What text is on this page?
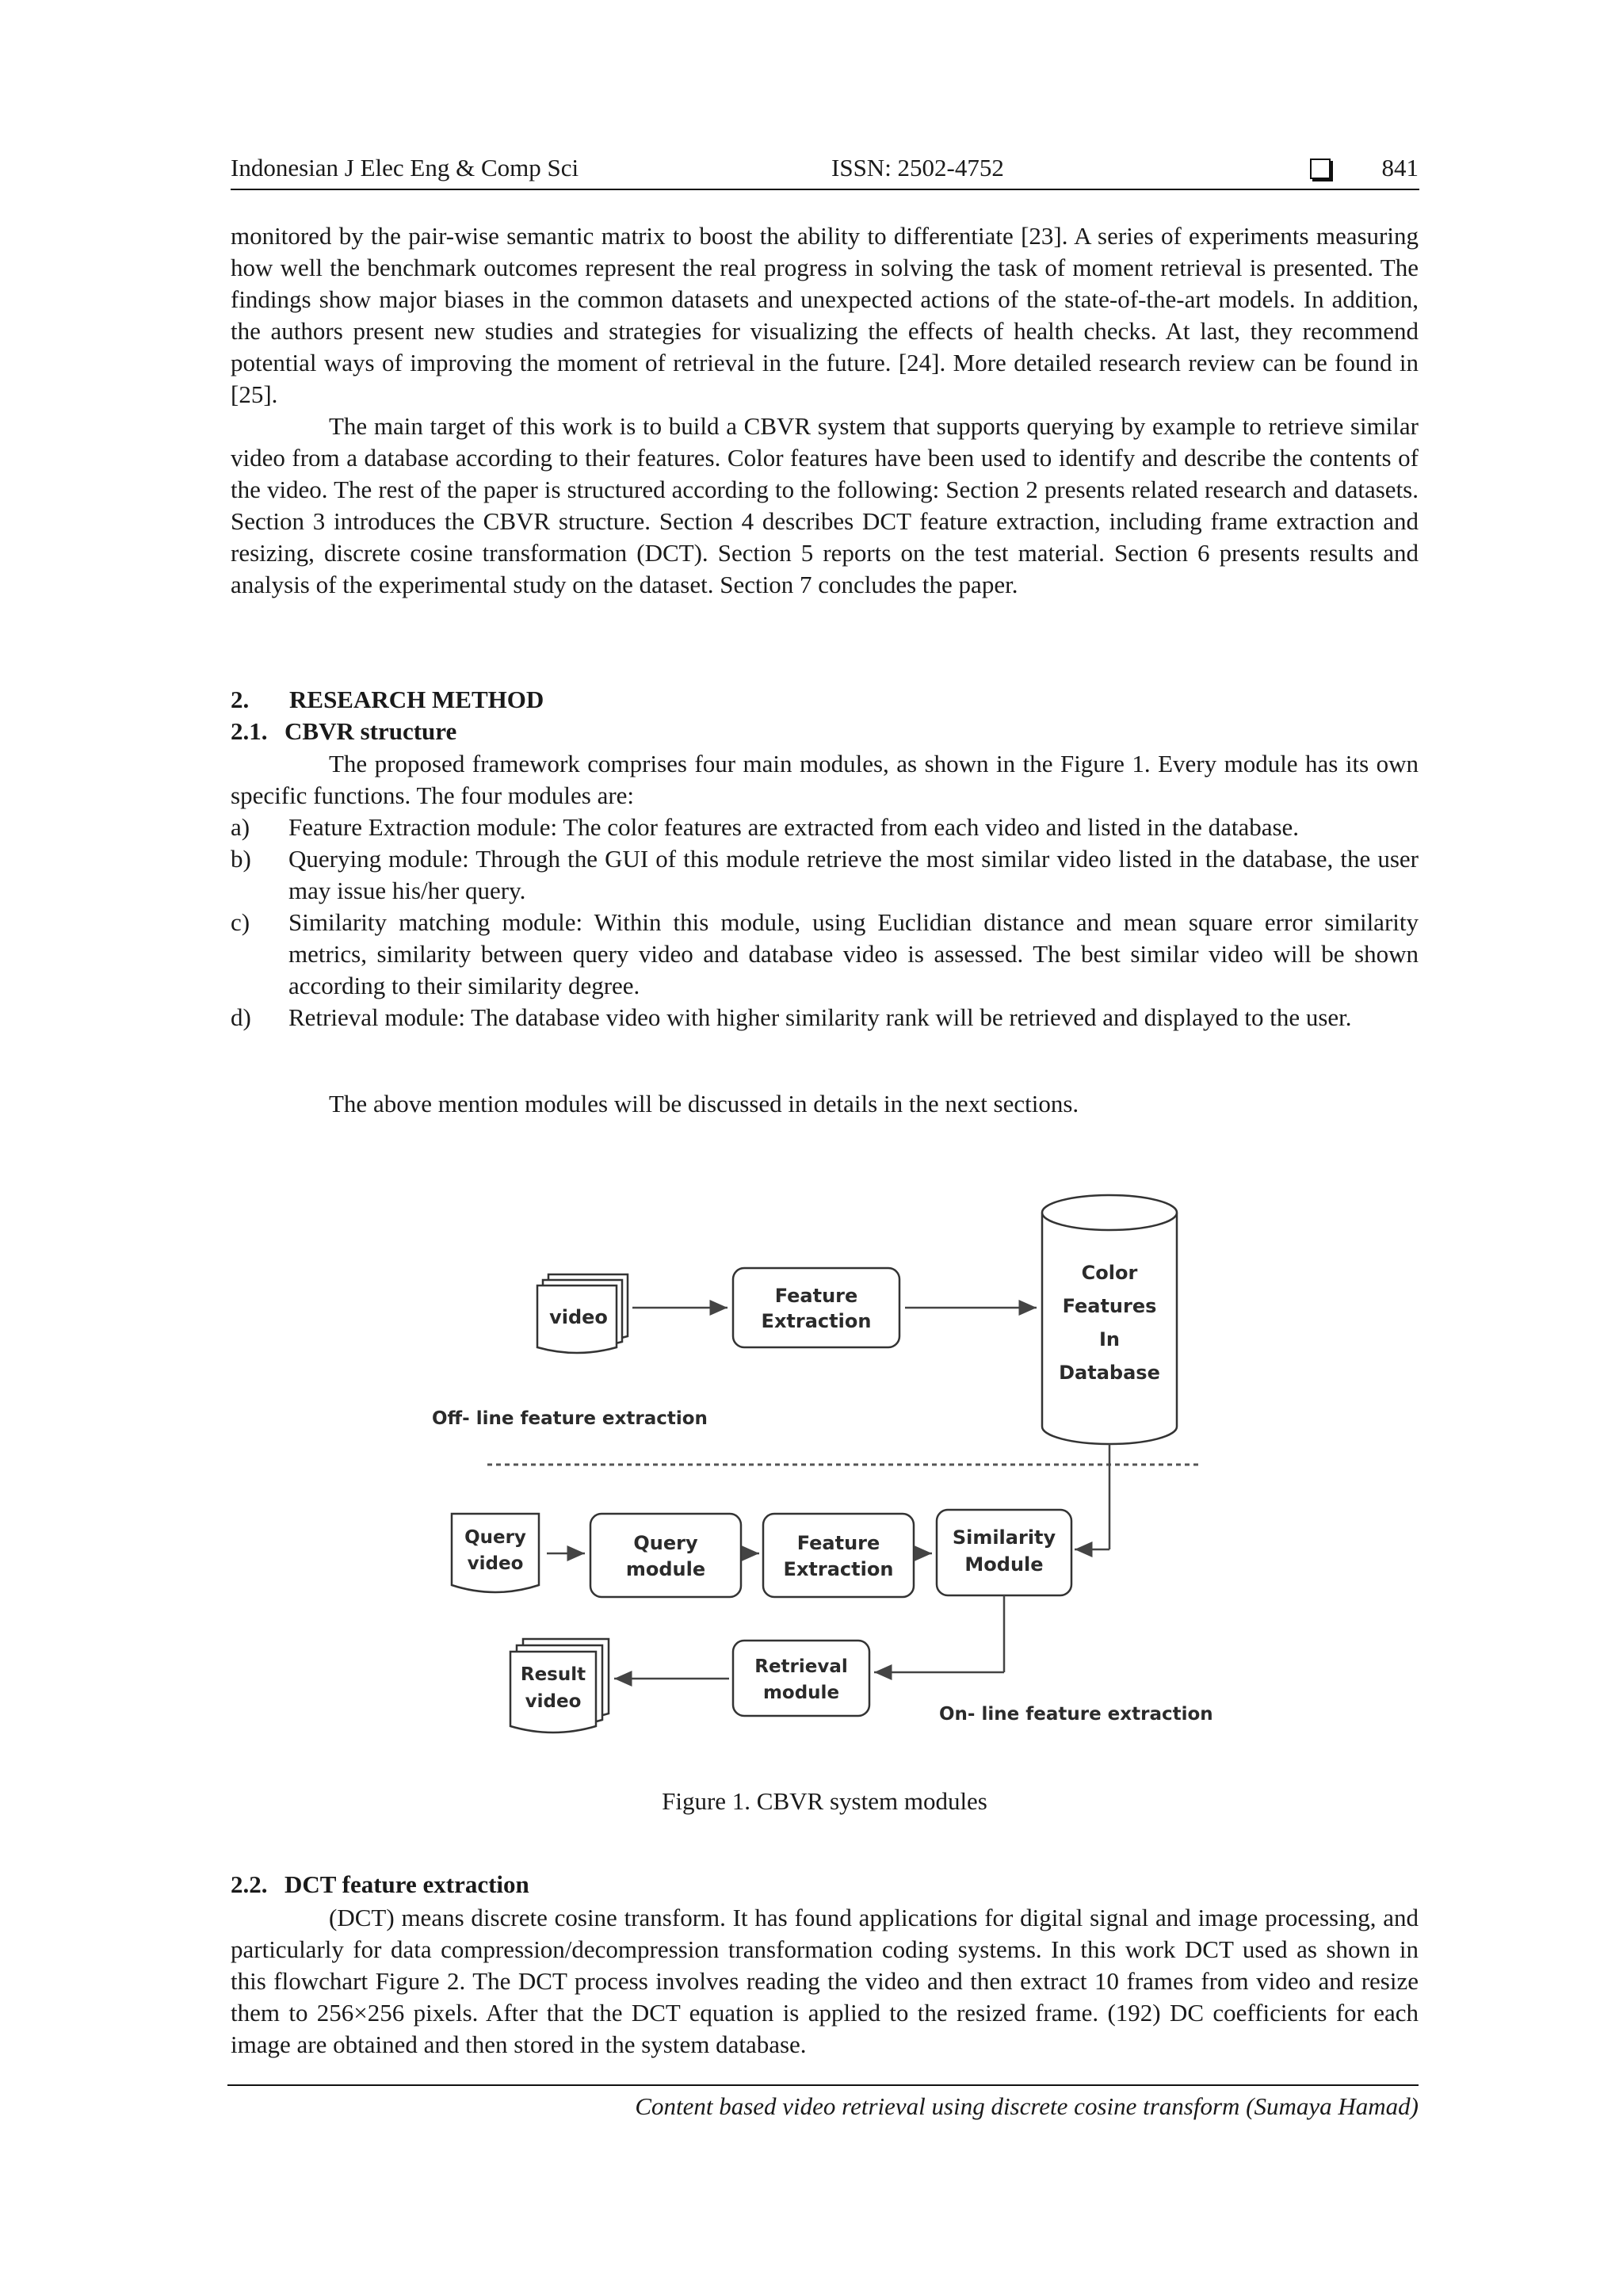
Indonesian J Elec Eng & Comp Sci	ISSN: 2502-4752	841

monitored by the pair-wise semantic matrix to boost the ability to differentiate [23]. A series of experiments measuring how well the benchmark outcomes represent the real progress in solving the task of moment retrieval is presented. The findings show major biases in the common datasets and unexpected actions of the state-of-the-art models. In addition, the authors present new studies and strategies for visualizing the effects of health checks. At last, they recommend potential ways of improving the moment of retrieval in the future. [24]. More detailed research review can be found in [25].

The main target of this work is to build a CBVR system that supports querying by example to retrieve similar video from a database according to their features. Color features have been used to identify and describe the contents of the video. The rest of the paper is structured according to the following: Section 2 presents related research and datasets. Section 3 introduces the CBVR structure. Section 4 describes DCT feature extraction, including frame extraction and resizing, discrete cosine transformation (DCT). Section 5 reports on the test material. Section 6 presents results and analysis of the experimental study on the dataset. Section 7 concludes the paper.

2. RESEARCH METHOD
2.1. CBVR structure

The proposed framework comprises four main modules, as shown in the Figure 1. Every module has its own specific functions. The four modules are:

a) Feature Extraction module: The color features are extracted from each video and listed in the database.
b) Querying module: Through the GUI of this module retrieve the most similar video listed in the database, the user may issue his/her query.
c) Similarity matching module: Within this module, using Euclidian distance and mean square error similarity metrics, similarity between query video and database video is assessed. The best similar video will be shown according to their similarity degree.
d) Retrieval module: The database video with higher similarity rank will be retrieved and displayed to the user.

The above mention modules will be discussed in details in the next sections.

video
Feature
Extraction
Color
Features
In
Database
Off- line feature extraction
Query
video
Query
module
Feature
Extraction
Similarity
Module
Retrieval
module
Result
video
On- line feature extraction
Figure 1. CBVR system modules
2.2. DCT feature extraction

(DCT) means discrete cosine transform. It has found applications for digital signal and image processing, and particularly for data compression/decompression transformation coding systems. In this work DCT used as shown in this flowchart Figure 2. The DCT process involves reading the video and then extract 10 frames from video and resize them to 256×256 pixels. After that the DCT equation is applied to the resized frame. (192) DC coefficients for each image are obtained and then stored in the system database.

Content based video retrieval using discrete cosine transform (Sumaya Hamad)
